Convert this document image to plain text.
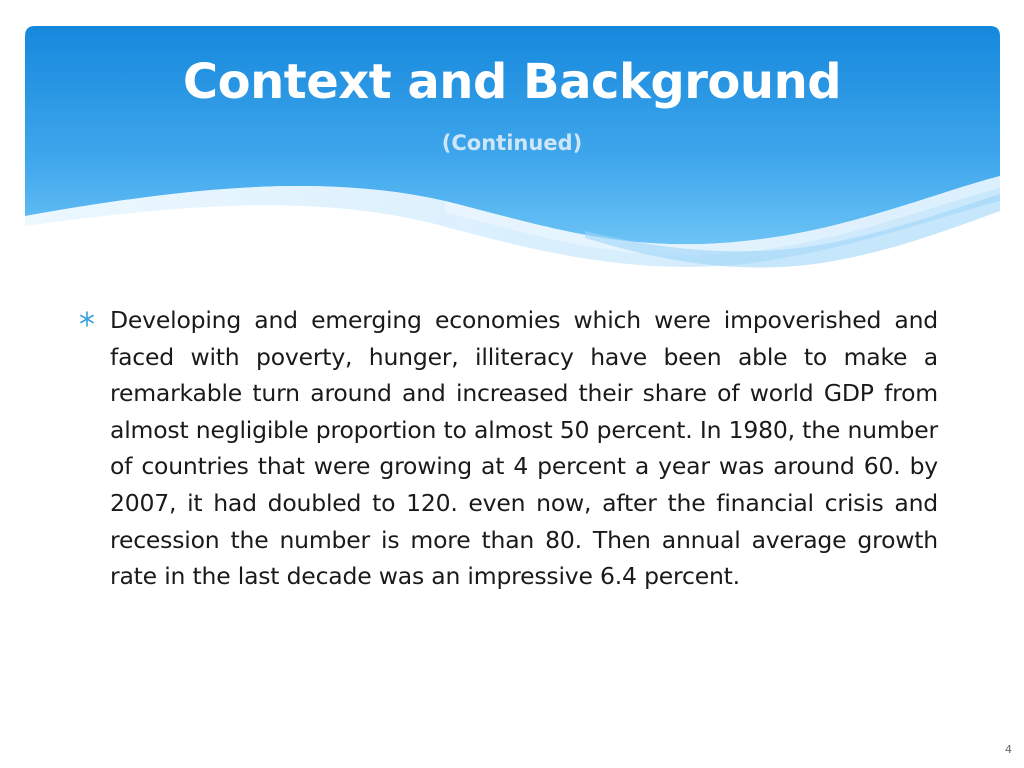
Context and Background
(Continued)
Developing and emerging economies which were impoverished and faced with poverty, hunger, illiteracy have been able to make a remarkable turn around and increased their share of world GDP from almost negligible proportion to almost 50 percent. In 1980, the number of countries that were growing at 4 percent a year was around 60. by 2007, it had doubled to 120. even now, after the financial crisis and recession the number is more than 80. Then annual average growth rate in the last decade was an impressive 6.4 percent.
4
